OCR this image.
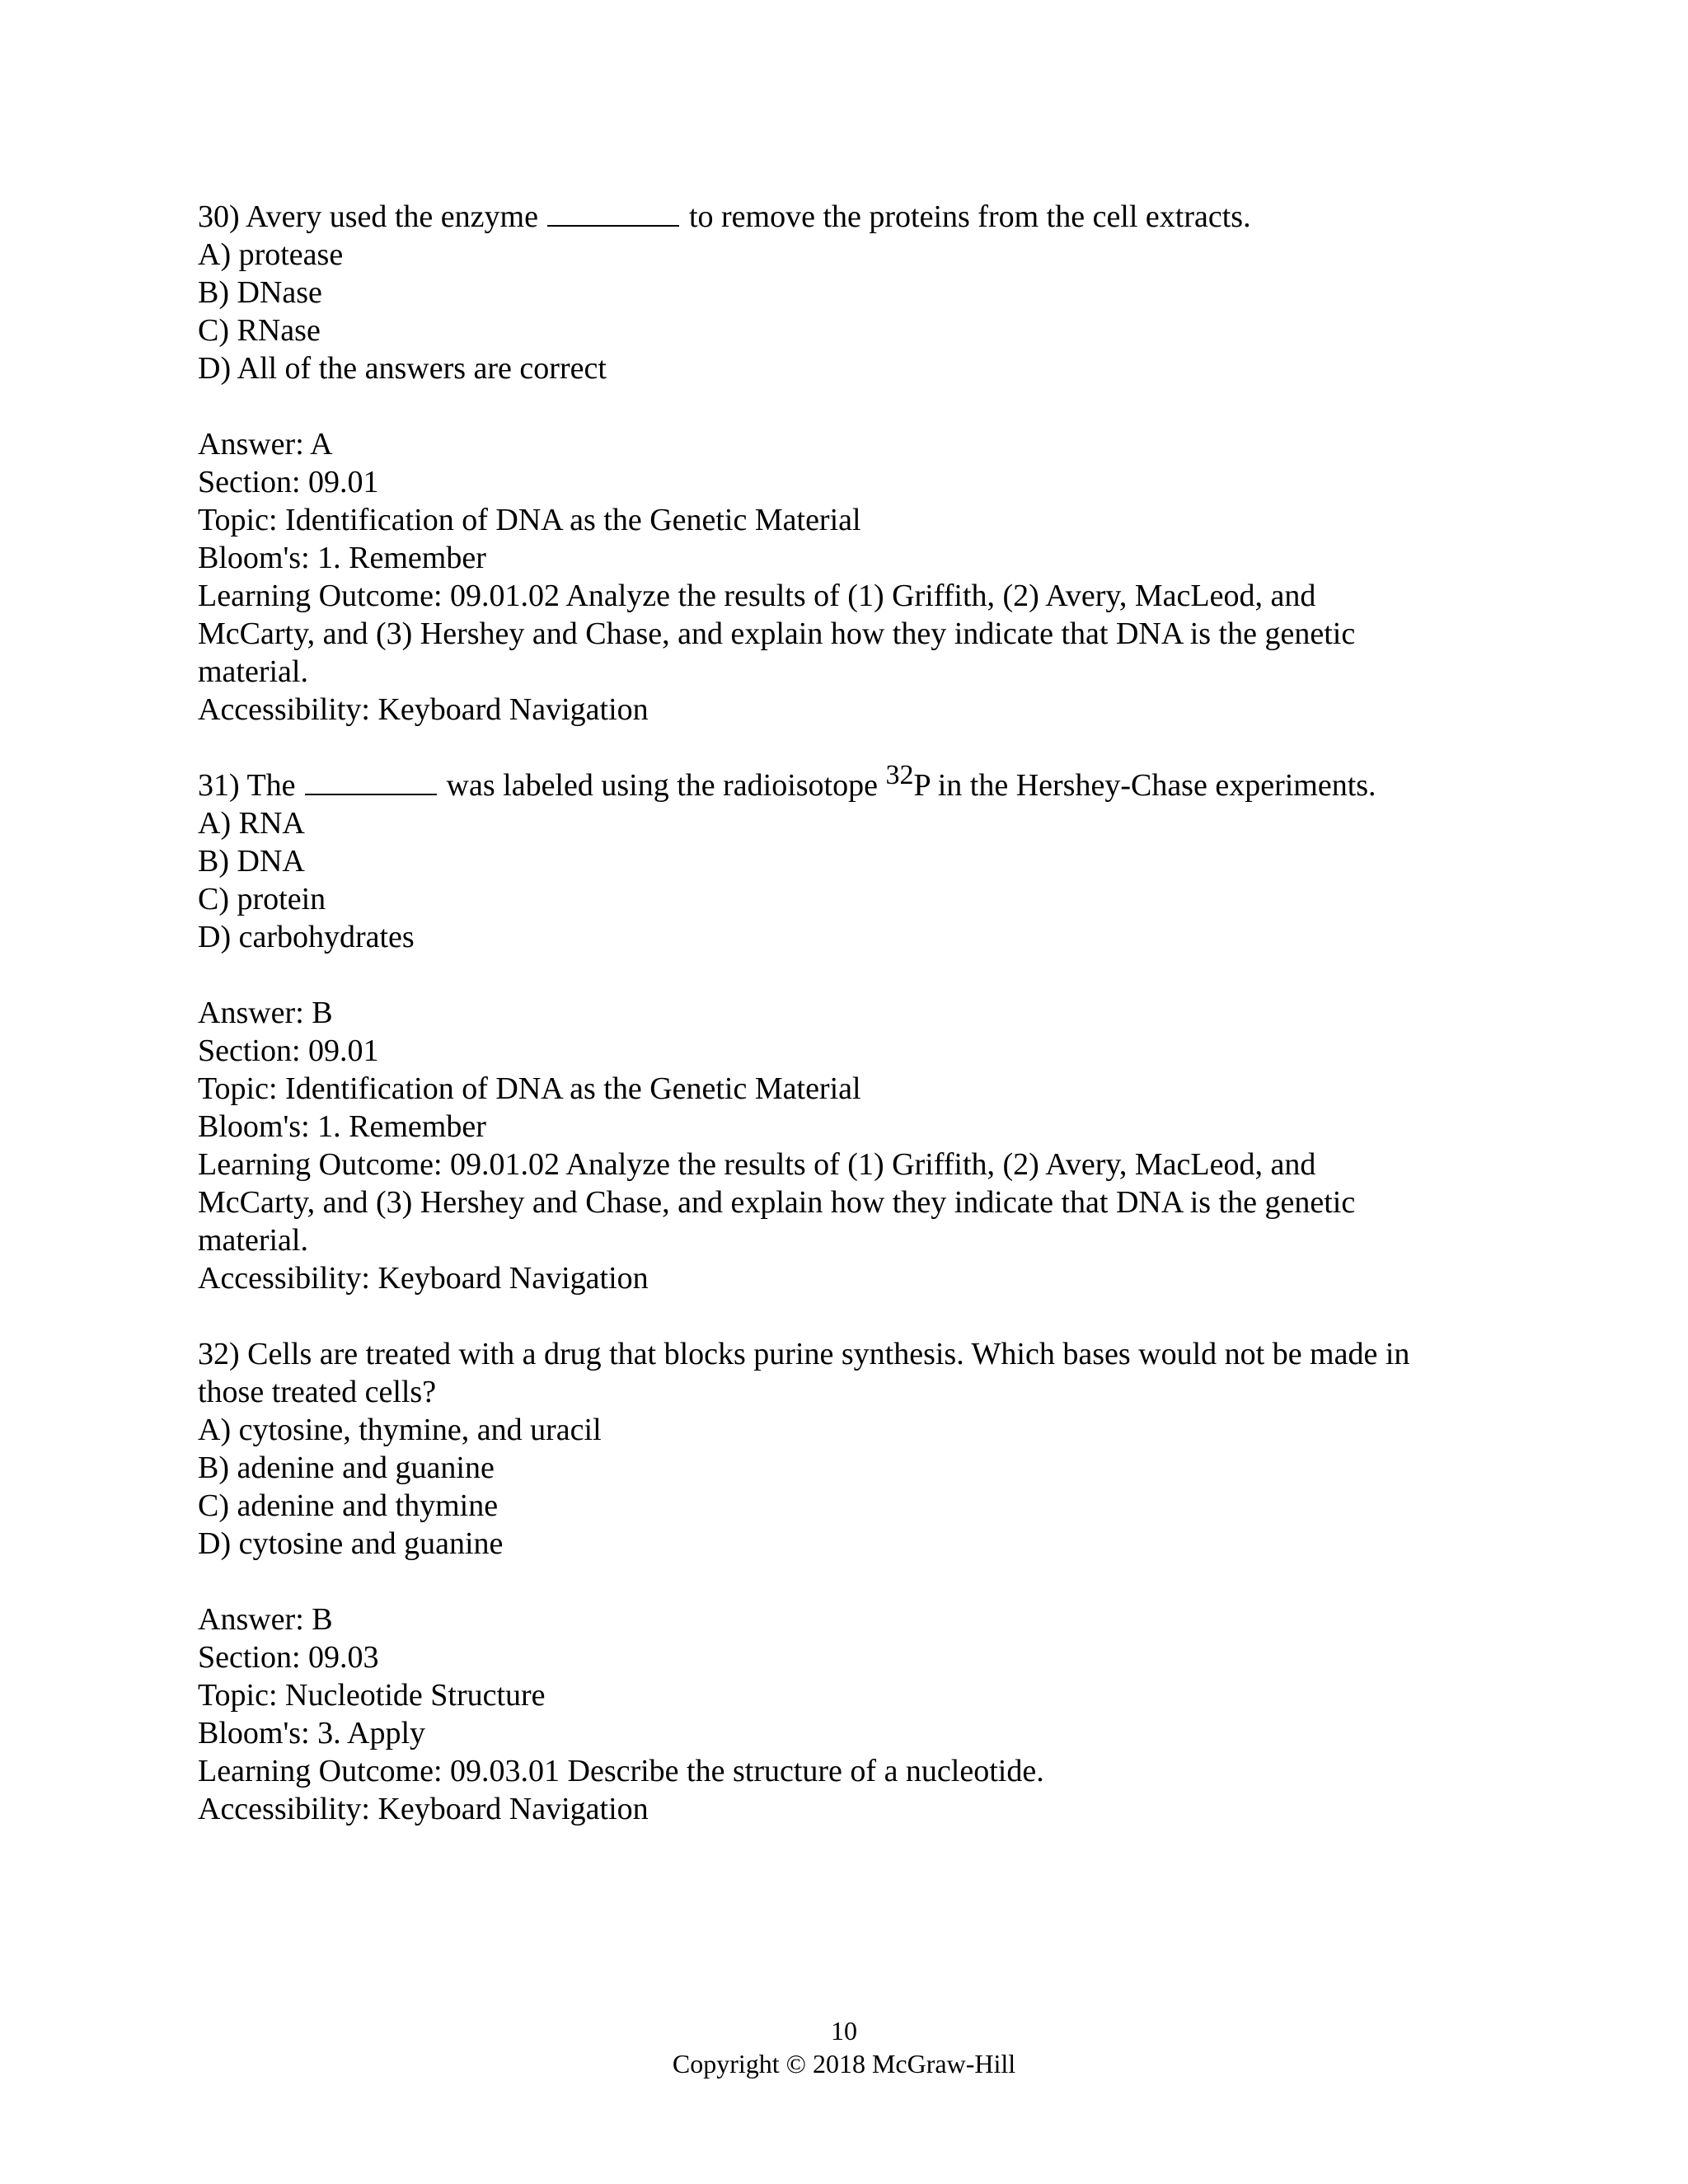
30) Avery used the enzyme	to remove the proteins from the cell extracts.
A) protease
B) DNase
C) RNase
D) All of the answers are correct
Answer: A
Section: 09.01
Topic: Identification of DNA as the Genetic Material
Bloom's: 1. Remember
Learning Outcome: 09.01.02 Analyze the results of (1) Griffith, (2) Avery, MacLeod, and
McCarty, and (3) Hershey and Chase, and explain how they indicate that DNA is the genetic
material.
Accessibility: Keyboard Navigation
31) The	was labeled using the radioisotope $^{32}$P in the Hershey-Chase experiments.
A) RNA
B) DNA
C) protein
D) carbohydrates
Answer: B
Section: 09.01
Topic: Identification of DNA as the Genetic Material
Bloom's: 1. Remember
Learning Outcome: 09.01.02 Analyze the results of (1) Griffith, (2) Avery, MacLeod, and
McCarty, and (3) Hershey and Chase, and explain how they indicate that DNA is the genetic
material.
Accessibility: Keyboard Navigation
32) Cells are treated with a drug that blocks purine synthesis. Which bases would not be made in
those treated cells?
A) cytosine, thymine, and uracil
B) adenine and guanine
C) adenine and thymine
D) cytosine and guanine
Answer: B
Section: 09.03
Topic: Nucleotide Structure
Bloom's: 3. Apply
Learning Outcome: 09.03.01 Describe the structure of a nucleotide.
Accessibility: Keyboard Navigation
10
Copyright © 2018 McGraw-Hill
